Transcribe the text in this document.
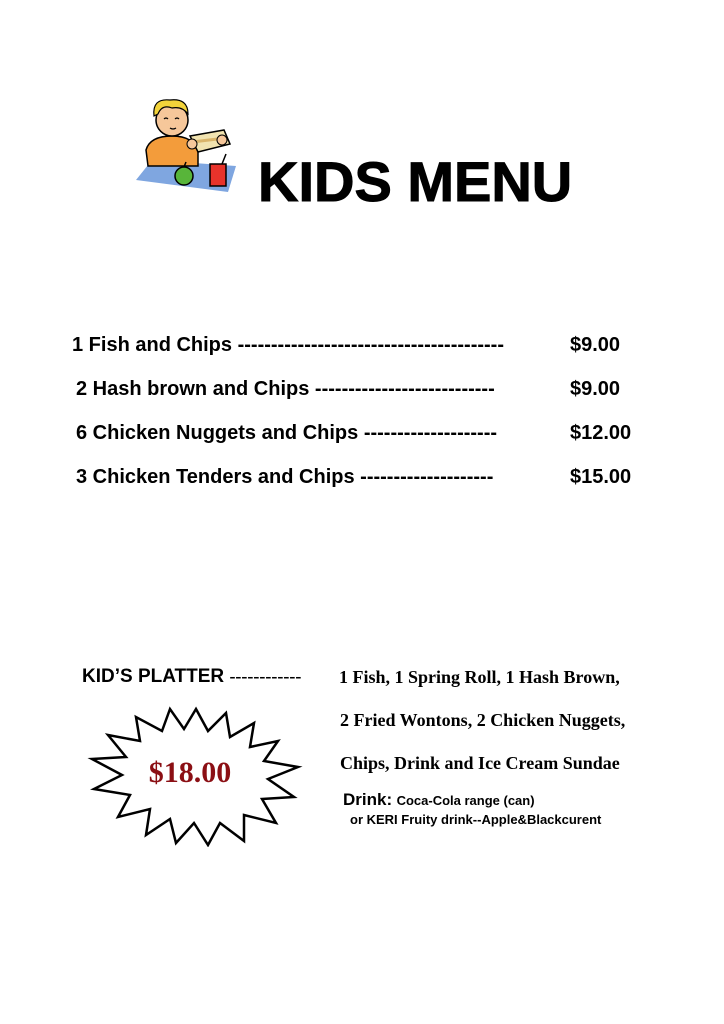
KIDS MENU
1 Fish and Chips ----------------------------------------	$9.00
2 Hash brown and Chips ---------------------------	$9.00
6 Chicken Nuggets and Chips --------------------	$12.00
3 Chicken Tenders and Chips --------------------	$15.00
KID’S PLATTER ------------ 1 Fish, 1 Spring Roll, 1 Hash Brown,
2 Fried Wontons, 2 Chicken Nuggets,
Chips, Drink and Ice Cream Sundae
$18.00
Drink: Coca-Cola range (can)
or KERI Fruity drink--Apple&Blackcurent
